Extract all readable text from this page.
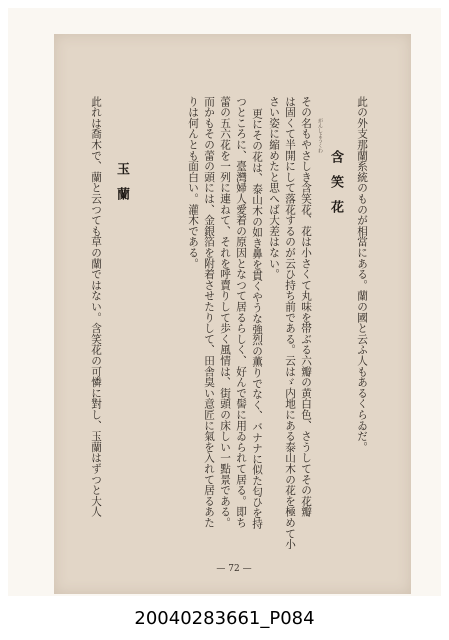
此の外支那蘭系統のものが相當にある。蘭の國と云ふ人もあるくらゐだ。
含笑花
がんしようくわ
その名もやさしき含笑花、花は小さくて丸味を帯ぶる六瓣の黄白色、さうしてその花瓣
は固くて半開にして落花するのが云ひ持ち前である。云はゞ内地にある泰山木の花を極めて小
さい姿に縮めたと思へば大差はない。
更にその花は、泰山木の如き鼻を貫くやうな強烈の薫りでなく、バナナに似た匂ひを持
つところに、臺灣婦人愛着の原因となつて居るらしく、好んで髻に用ゐられて居る。即ち
蕾の五六花を一列に連ねて、それを呼賣りして歩く風情は、街頭の床しい一點景である。
而かもその蕾の頭には、金銀箔を附着させたりして、田舎臭い意匠に氣を入れて居るあた
りは何んとも面白い。灌木である。
玉蘭
此れは喬木で、蘭と云つても草の蘭ではない。含笑花の可憐に對し、玉蘭はずつと大人
— 72 —
20040283661_P084
